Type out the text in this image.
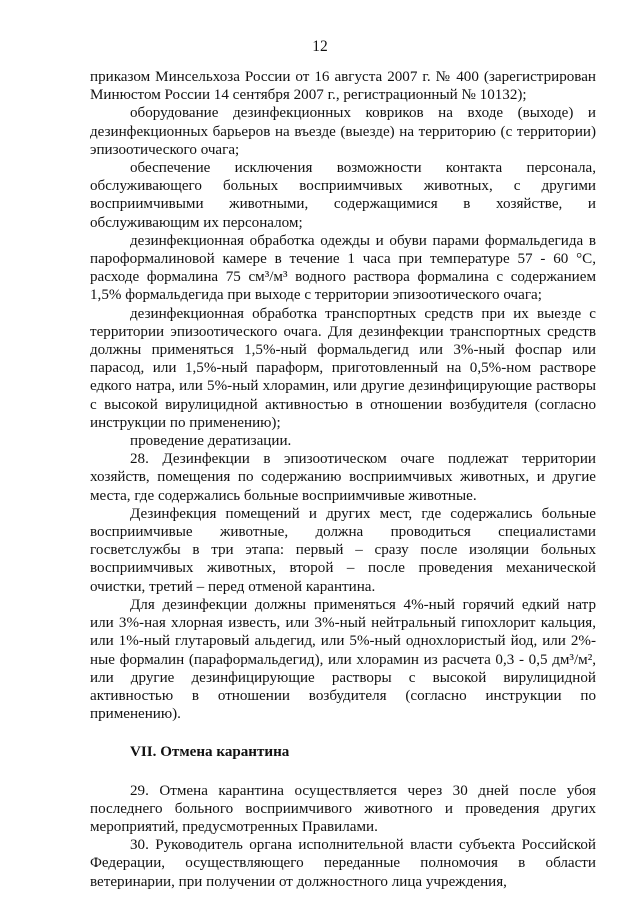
12

приказом Минсельхоза России от 16 августа 2007 г. № 400 (зарегистрирован Минюстом России 14 сентября 2007 г., регистрационный № 10132);

оборудование дезинфекционных ковриков на входе (выходе) и дезинфекционных барьеров на въезде (выезде) на территорию (с территории) эпизоотического очага;

обеспечение исключения возможности контакта персонала, обслуживающего больных восприимчивых животных, с другими восприимчивыми животными, содержащимися в хозяйстве, и обслуживающим их персоналом;

дезинфекционная обработка одежды и обуви парами формальдегида в пароформалиновой камере в течение 1 часа при температуре 57 - 60 °С, расходе формалина 75 см³/м³ водного раствора формалина с содержанием 1,5% формальдегида при выходе с территории эпизоотического очага;

дезинфекционная обработка транспортных средств при их выезде с территории эпизоотического очага. Для дезинфекции транспортных средств должны применяться 1,5%-ный формальдегид или 3%-ный фоспар или парасод, или 1,5%-ный параформ, приготовленный на 0,5%-ном растворе едкого натра, или 5%-ный хлорамин, или другие дезинфицирующие растворы с высокой вирулицидной активностью в отношении возбудителя (согласно инструкции по применению);

проведение дератизации.

28. Дезинфекции в эпизоотическом очаге подлежат территории хозяйств, помещения по содержанию восприимчивых животных, и другие места, где содержались больные восприимчивые животные.

Дезинфекция помещений и других мест, где содержались больные восприимчивые животные, должна проводиться специалистами госветслужбы в три этапа: первый – сразу после изоляции больных восприимчивых животных, второй – после проведения механической очистки, третий – перед отменой карантина.

Для дезинфекции должны применяться 4%-ный горячий едкий натр или 3%-ная хлорная известь, или 3%-ный нейтральный гипохлорит кальция, или 1%-ный глутаровый альдегид, или 5%-ный однохлористый йод, или 2%-ные формалин (параформальдегид), или хлорамин из расчета 0,3 - 0,5 дм³/м², или другие дезинфицирующие растворы с высокой вирулицидной активностью в отношении возбудителя (согласно инструкции по применению).

VII. Отмена карантина

29. Отмена карантина осуществляется через 30 дней после убоя последнего больного восприимчивого животного и проведения других мероприятий, предусмотренных Правилами.

30. Руководитель органа исполнительной власти субъекта Российской Федерации, осуществляющего переданные полномочия в области ветеринарии, при получении от должностного лица учреждения,
